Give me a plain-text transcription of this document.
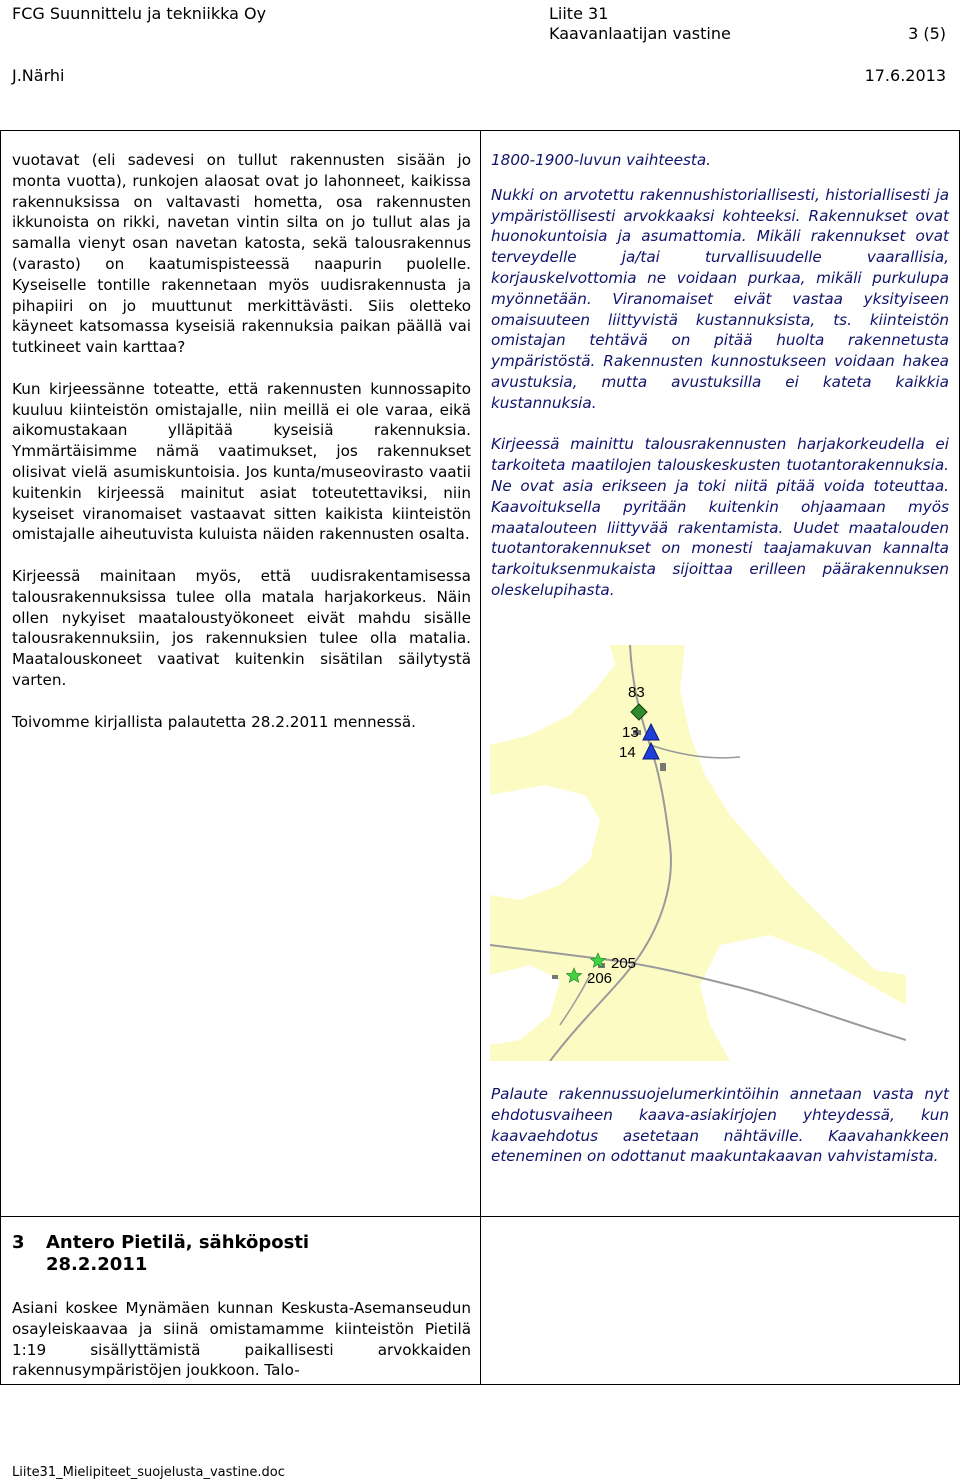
FCG Suunnittelu ja tekniikka Oy
J.Närhi
Liite 31
Kaavanlaatijan vastine	3 (5)
17.6.2013

vuotavat (eli sadevesi on tullut rakennusten sisään jo monta vuotta), runkojen alaosat ovat jo lahonneet, kaikissa rakennuksissa on valtavasti hometta, osa rakennusten ikkunoista on rikki, navetan vintin silta on jo tullut alas ja samalla vienyt osan navetan katosta, sekä talousrakennus (varasto) on kaatumispisteessä naapurin puolelle. Kyseiselle tontille rakennetaan myös uudisrakennusta ja pihapiiri on jo muuttunut merkittävästi. Siis oletteko käyneet katsomassa kyseisiä rakennuksia paikan päällä vai tutkineet vain karttaa?

Kun kirjeessänne toteatte, että rakennusten kunnossapito kuuluu kiinteistön omistajalle, niin meillä ei ole varaa, eikä aikomustakaan ylläpitää kyseisiä rakennuksia. Ymmärtäisimme nämä vaatimukset, jos rakennukset olisivat vielä asumiskuntoisia. Jos kunta/museovirasto vaatii kuitenkin kirjeessä mainitut asiat toteutettaviksi, niin kyseiset viranomaiset vastaavat sitten kaikista kiinteistön omistajalle aiheutuvista kuluista näiden rakennusten osalta.

Kirjeessä mainitaan myös, että uudisrakentamisessa talousrakennuksissa tulee olla matala harjakorkeus. Näin ollen nykyiset maataloustyökoneet eivät mahdu sisälle talousrakennuksiin, jos rakennuksien tulee olla matalia. Maatalouskoneet vaativat kuitenkin sisätilan säilytystä varten.

Toivomme kirjallista palautetta 28.2.2011 mennessä.

1800-1900-luvun vaihteesta.

Nukki on arvotettu rakennushistoriallisesti, historiallisesti ja ympäristöllisesti arvokkaaksi kohteeksi. Rakennukset ovat huonokuntoisia ja asumattomia. Mikäli rakennukset ovat terveydelle ja/tai turvallisuudelle vaarallisia, korjauskelvottomia ne voidaan purkaa, mikäli purkulupa myönnetään. Viranomaiset eivät vastaa yksityiseen omaisuuteen liittyvistä kustannuksista, ts. kiinteistön omistajan tehtävä on pitää huolta rakennetusta ympäristöstä. Rakennusten kunnostukseen voidaan hakea avustuksia, mutta avustuksilla ei kateta kaikkia kustannuksia.

Kirjeessä mainittu talousrakennusten harjakorkeudella ei tarkoiteta maatilojen talouskeskusten tuotantorakennuksia. Ne ovat asia erikseen ja toki niitä pitää voida toteuttaa. Kaavoituksella pyritään kuitenkin ohjaamaan myös maatalouteen liittyvää rakentamista. Uudet maatalouden tuotantorakennukset on monesti taajamakuvan kannalta tarkoituksenmukaista sijoittaa erilleen päärakennuksen oleskelupihasta.

83
13
14
205
206

Palaute rakennussuojelumerkintöihin annetaan vasta nyt ehdotusvaiheen kaava-asiakirjojen yhteydessä, kun kaavaehdotus asetetaan nähtäville. Kaavahankkeen eteneminen on odottanut maakuntakaavan vahvistamista.

3 Antero Pietilä, sähköposti
28.2.2011

Asiani koskee Mynämäen kunnan Keskusta-Asemanseudun osayleiskaavaa ja siinä omistamamme kiinteistön Pietilä 1:19 sisällyttämistä paikallisesti arvokkaiden rakennusympäristöjen joukkoon. Talo-

Liite31_Mielipiteet_suojelusta_vastine.doc
